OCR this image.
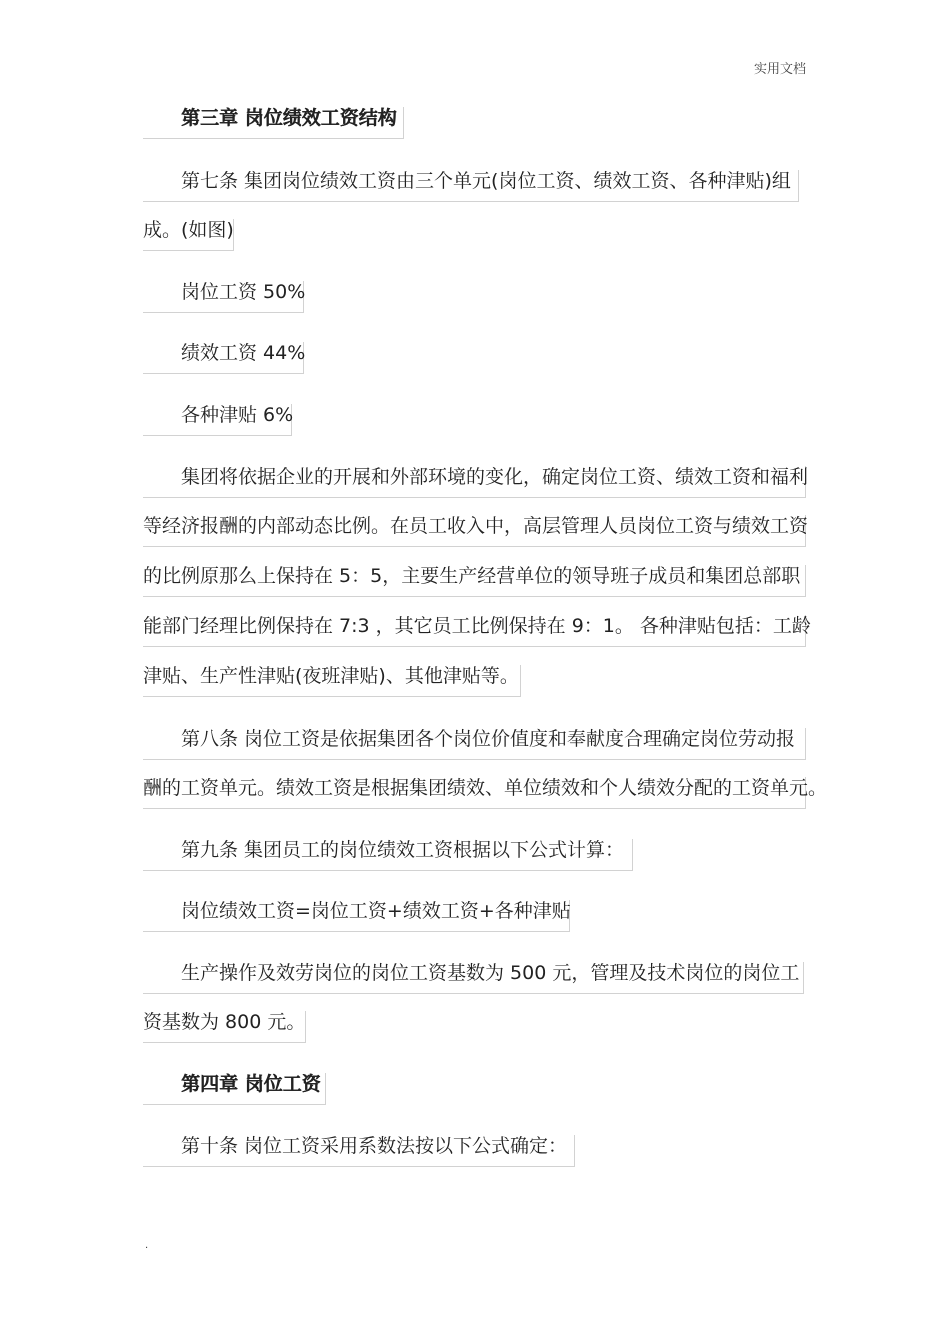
实用文档
第三章 岗位绩效工资结构
第七条 集团岗位绩效工资由三个单元(岗位工资、绩效工资、各种津贴)组
成。(如图)
岗位工资 50%
绩效工资 44%
各种津贴 6%
集团将依据企业的开展和外部环境的变化，确定岗位工资、绩效工资和福利
等经济报酬的内部动态比例。在员工收入中，高层管理人员岗位工资与绩效工资
的比例原那么上保持在 5：5，主要生产经营单位的领导班子成员和集团总部职
能部门经理比例保持在 7:3 ，其它员工比例保持在 9：1。 各种津贴包括：工龄
津贴、生产性津贴(夜班津贴)、其他津贴等。
第八条 岗位工资是依据集团各个岗位价值度和奉献度合理确定岗位劳动报
酬的工资单元。绩效工资是根据集团绩效、单位绩效和个人绩效分配的工资单元。
第九条 集团员工的岗位绩效工资根据以下公式计算：
岗位绩效工资=岗位工资+绩效工资+各种津贴
生产操作及效劳岗位的岗位工资基数为 500 元，管理及技术岗位的岗位工
资基数为 800 元。
第四章 岗位工资
第十条 岗位工资采用系数法按以下公式确定：
.
